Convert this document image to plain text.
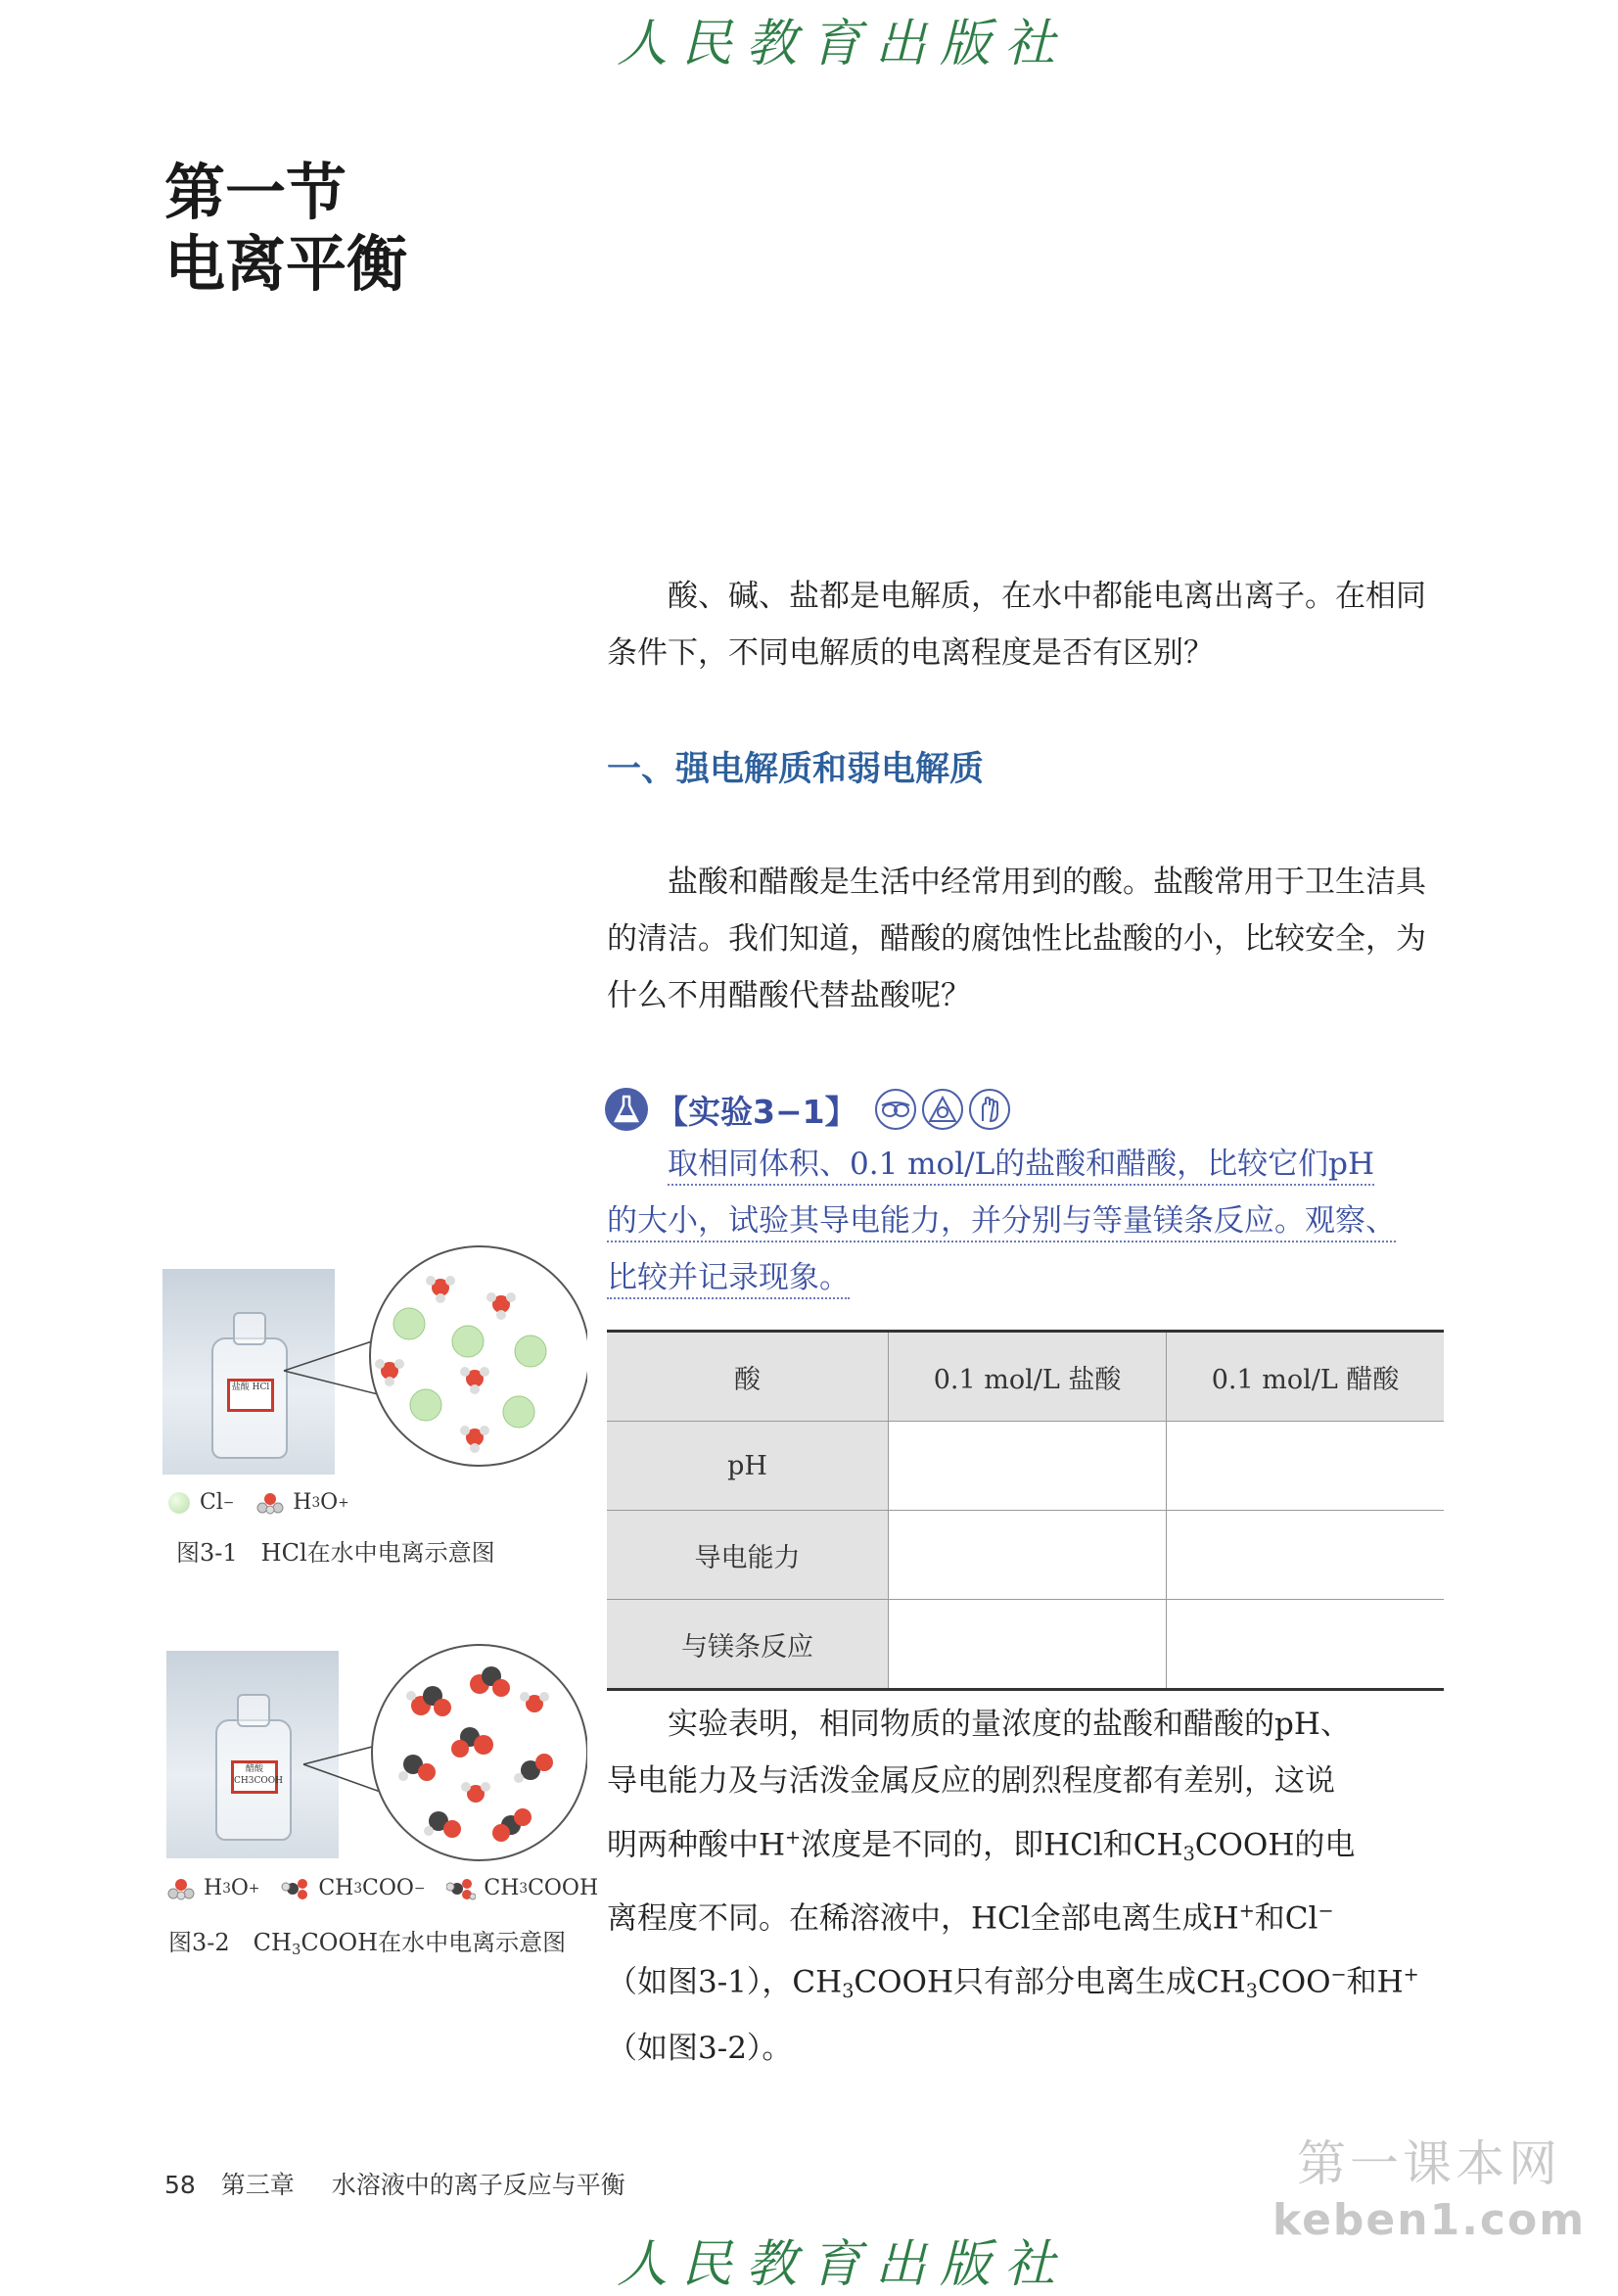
人民教育出版社
第一节
电离平衡

酸、碱、盐都是电解质，在水中都能电离出离子。在相同条件下，不同电解质的电离程度是否有区别？

一、强电解质和弱电解质

盐酸和醋酸是生活中经常用到的酸。盐酸常用于卫生洁具的清洁。我们知道，醋酸的腐蚀性比盐酸的小，比较安全，为什么不用醋酸代替盐酸呢？

【实验3−1】

取相同体积、0.1 mol/L的盐酸和醋酸，比较它们pH

的大小，试验其导电能力，并分别与等量镁条反应。观察、
比较并记录现象。
酸	0.1 mol/L 盐酸	0.1 mol/L 醋酸
pH		
导电能力		
与镁条反应		
实验表明，相同物质的量浓度的盐酸和醋酸的pH、
导电能力及与活泼金属反应的剧烈程度都有差别，这说
明两种酸中H+浓度是不同的，即HCl和$CH_3COOH$的电
离程度不同。在稀溶液中，HCl全部电离生成H+和Cl−
（如图3-1），$CH_3COOH$只有部分电离生成$CH_3COO^-$和H+
（如图3-2）。
盐酸 HCl
Cl −	H 3 O +
图3-1　HCl在水中电离示意图
醋酸 CH3COOH
H 3 O +	CH 3 COO −	CH 3 COOH
图3-2　$CH_3COOH$在水中电离示意图
58 第三章 水溶液中的离子反应与平衡	第一课本网
keben1.com
人民教育出版社
